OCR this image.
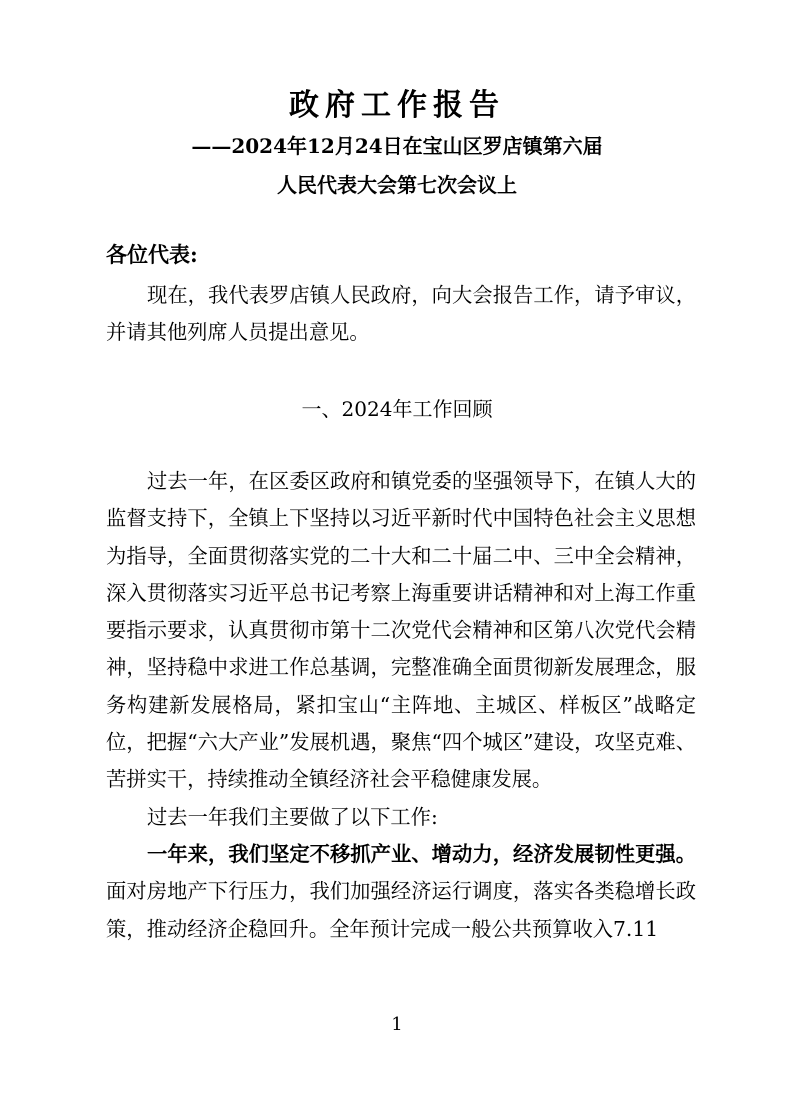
政府工作报告
——2024年12月24日在宝山区罗店镇第六届
人民代表大会第七次会议上
各位代表:
现在，我代表罗店镇人民政府，向大会报告工作，请予审议，并请其他列席人员提出意见。
一、2024年工作回顾
过去一年，在区委区政府和镇党委的坚强领导下，在镇人大的监督支持下，全镇上下坚持以习近平新时代中国特色社会主义思想为指导，全面贯彻落实党的二十大和二十届二中、三中全会精神，深入贯彻落实习近平总书记考察上海重要讲话精神和对上海工作重要指示要求，认真贯彻市第十二次党代会精神和区第八次党代会精神，坚持稳中求进工作总基调，完整准确全面贯彻新发展理念，服务构建新发展格局，紧扣宝山“主阵地、主城区、样板区”战略定位，把握“六大产业”发展机遇，聚焦“四个城区”建设，攻坚克难、苦拼实干，持续推动全镇经济社会平稳健康发展。
过去一年我们主要做了以下工作:
一年来，我们坚定不移抓产业、增动力，经济发展韧性更强。面对房地产下行压力，我们加强经济运行调度，落实各类稳增长政策，推动经济企稳回升。全年预计完成一般公共预算收入7.11
1
